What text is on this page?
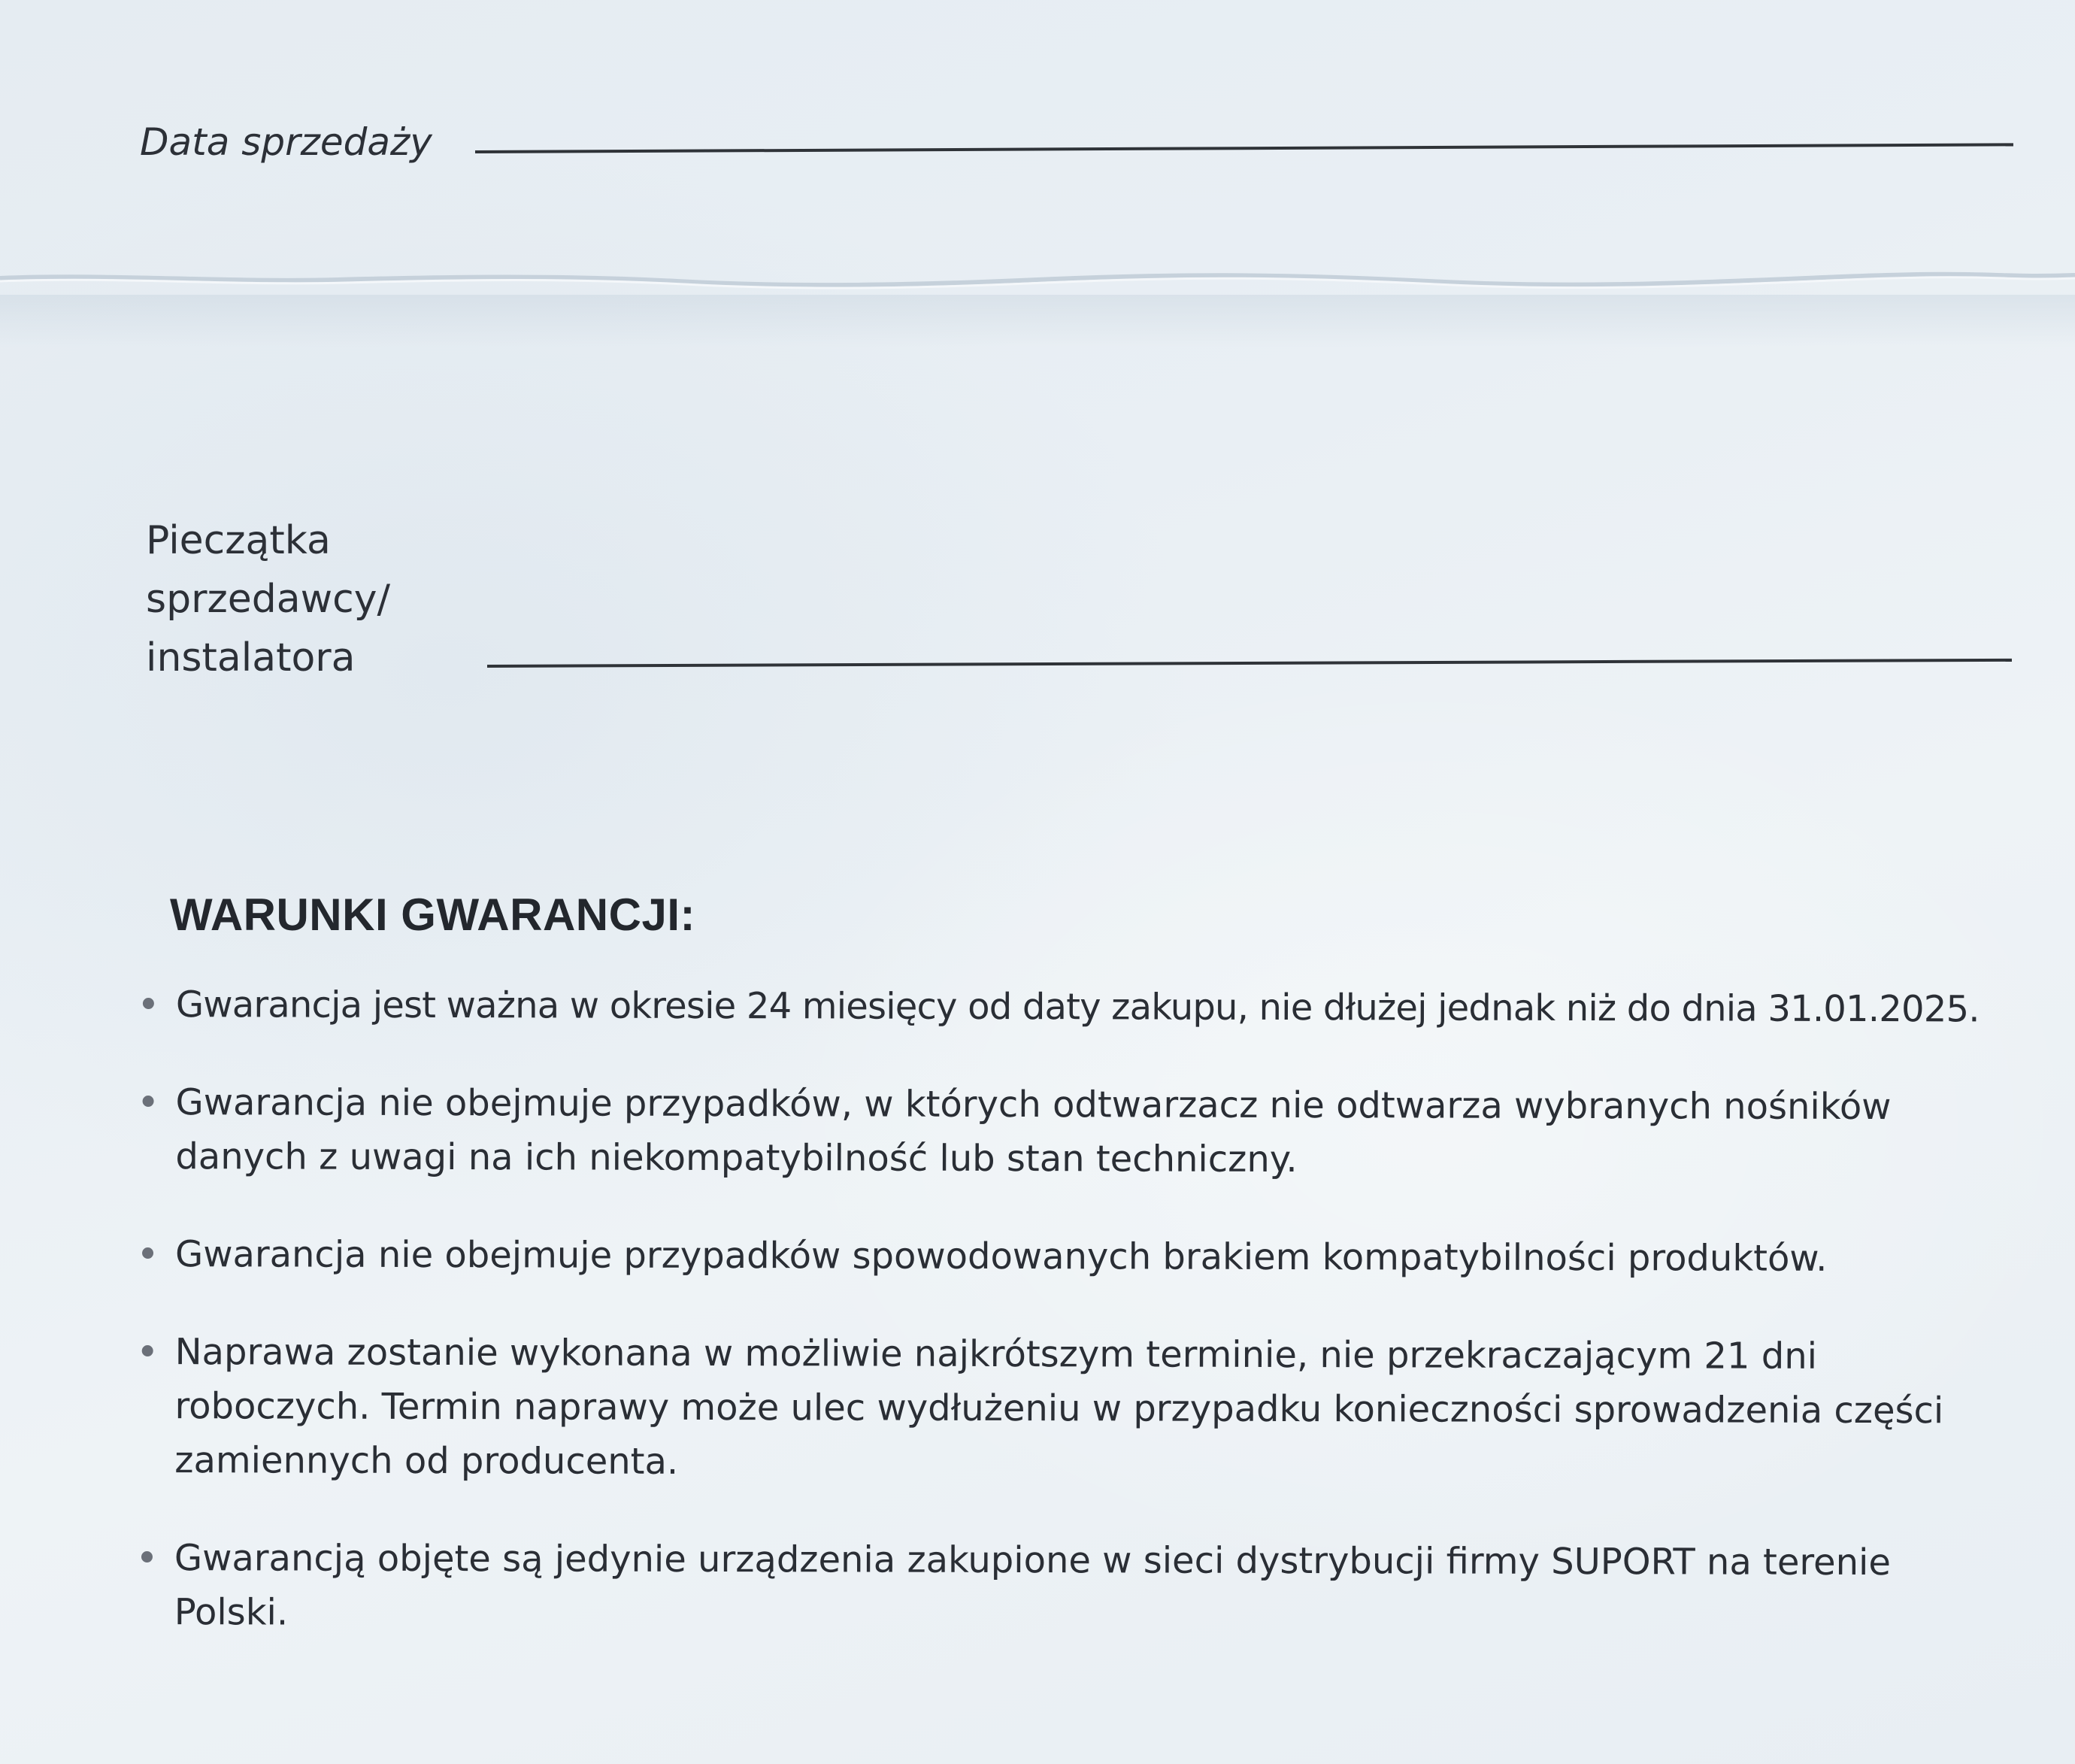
Data sprzedaży

Pieczątka sprzedawcy/ instalatora

WARUNKI GWARANCJI:
Gwarancja jest ważna w okresie 24 miesięcy od daty zakupu, nie dłużej jednak niż do dnia 31.01.2025.
Gwarancja nie obejmuje przypadków, w których odtwarzacz nie odtwarza wybranych nośników danych z uwagi na ich niekompatybilność lub stan techniczny.
Gwarancja nie obejmuje przypadków spowodowanych brakiem kompatybilności produktów.
Naprawa zostanie wykonana w możliwie najkrótszym terminie, nie przekraczającym 21 dni roboczych. Termin naprawy może ulec wydłużeniu w przypadku konieczności sprowadzenia części zamiennych od producenta.
Gwarancją objęte są jedynie urządzenia zakupione w sieci dystrybucji firmy SUPORT na terenie Polski.
